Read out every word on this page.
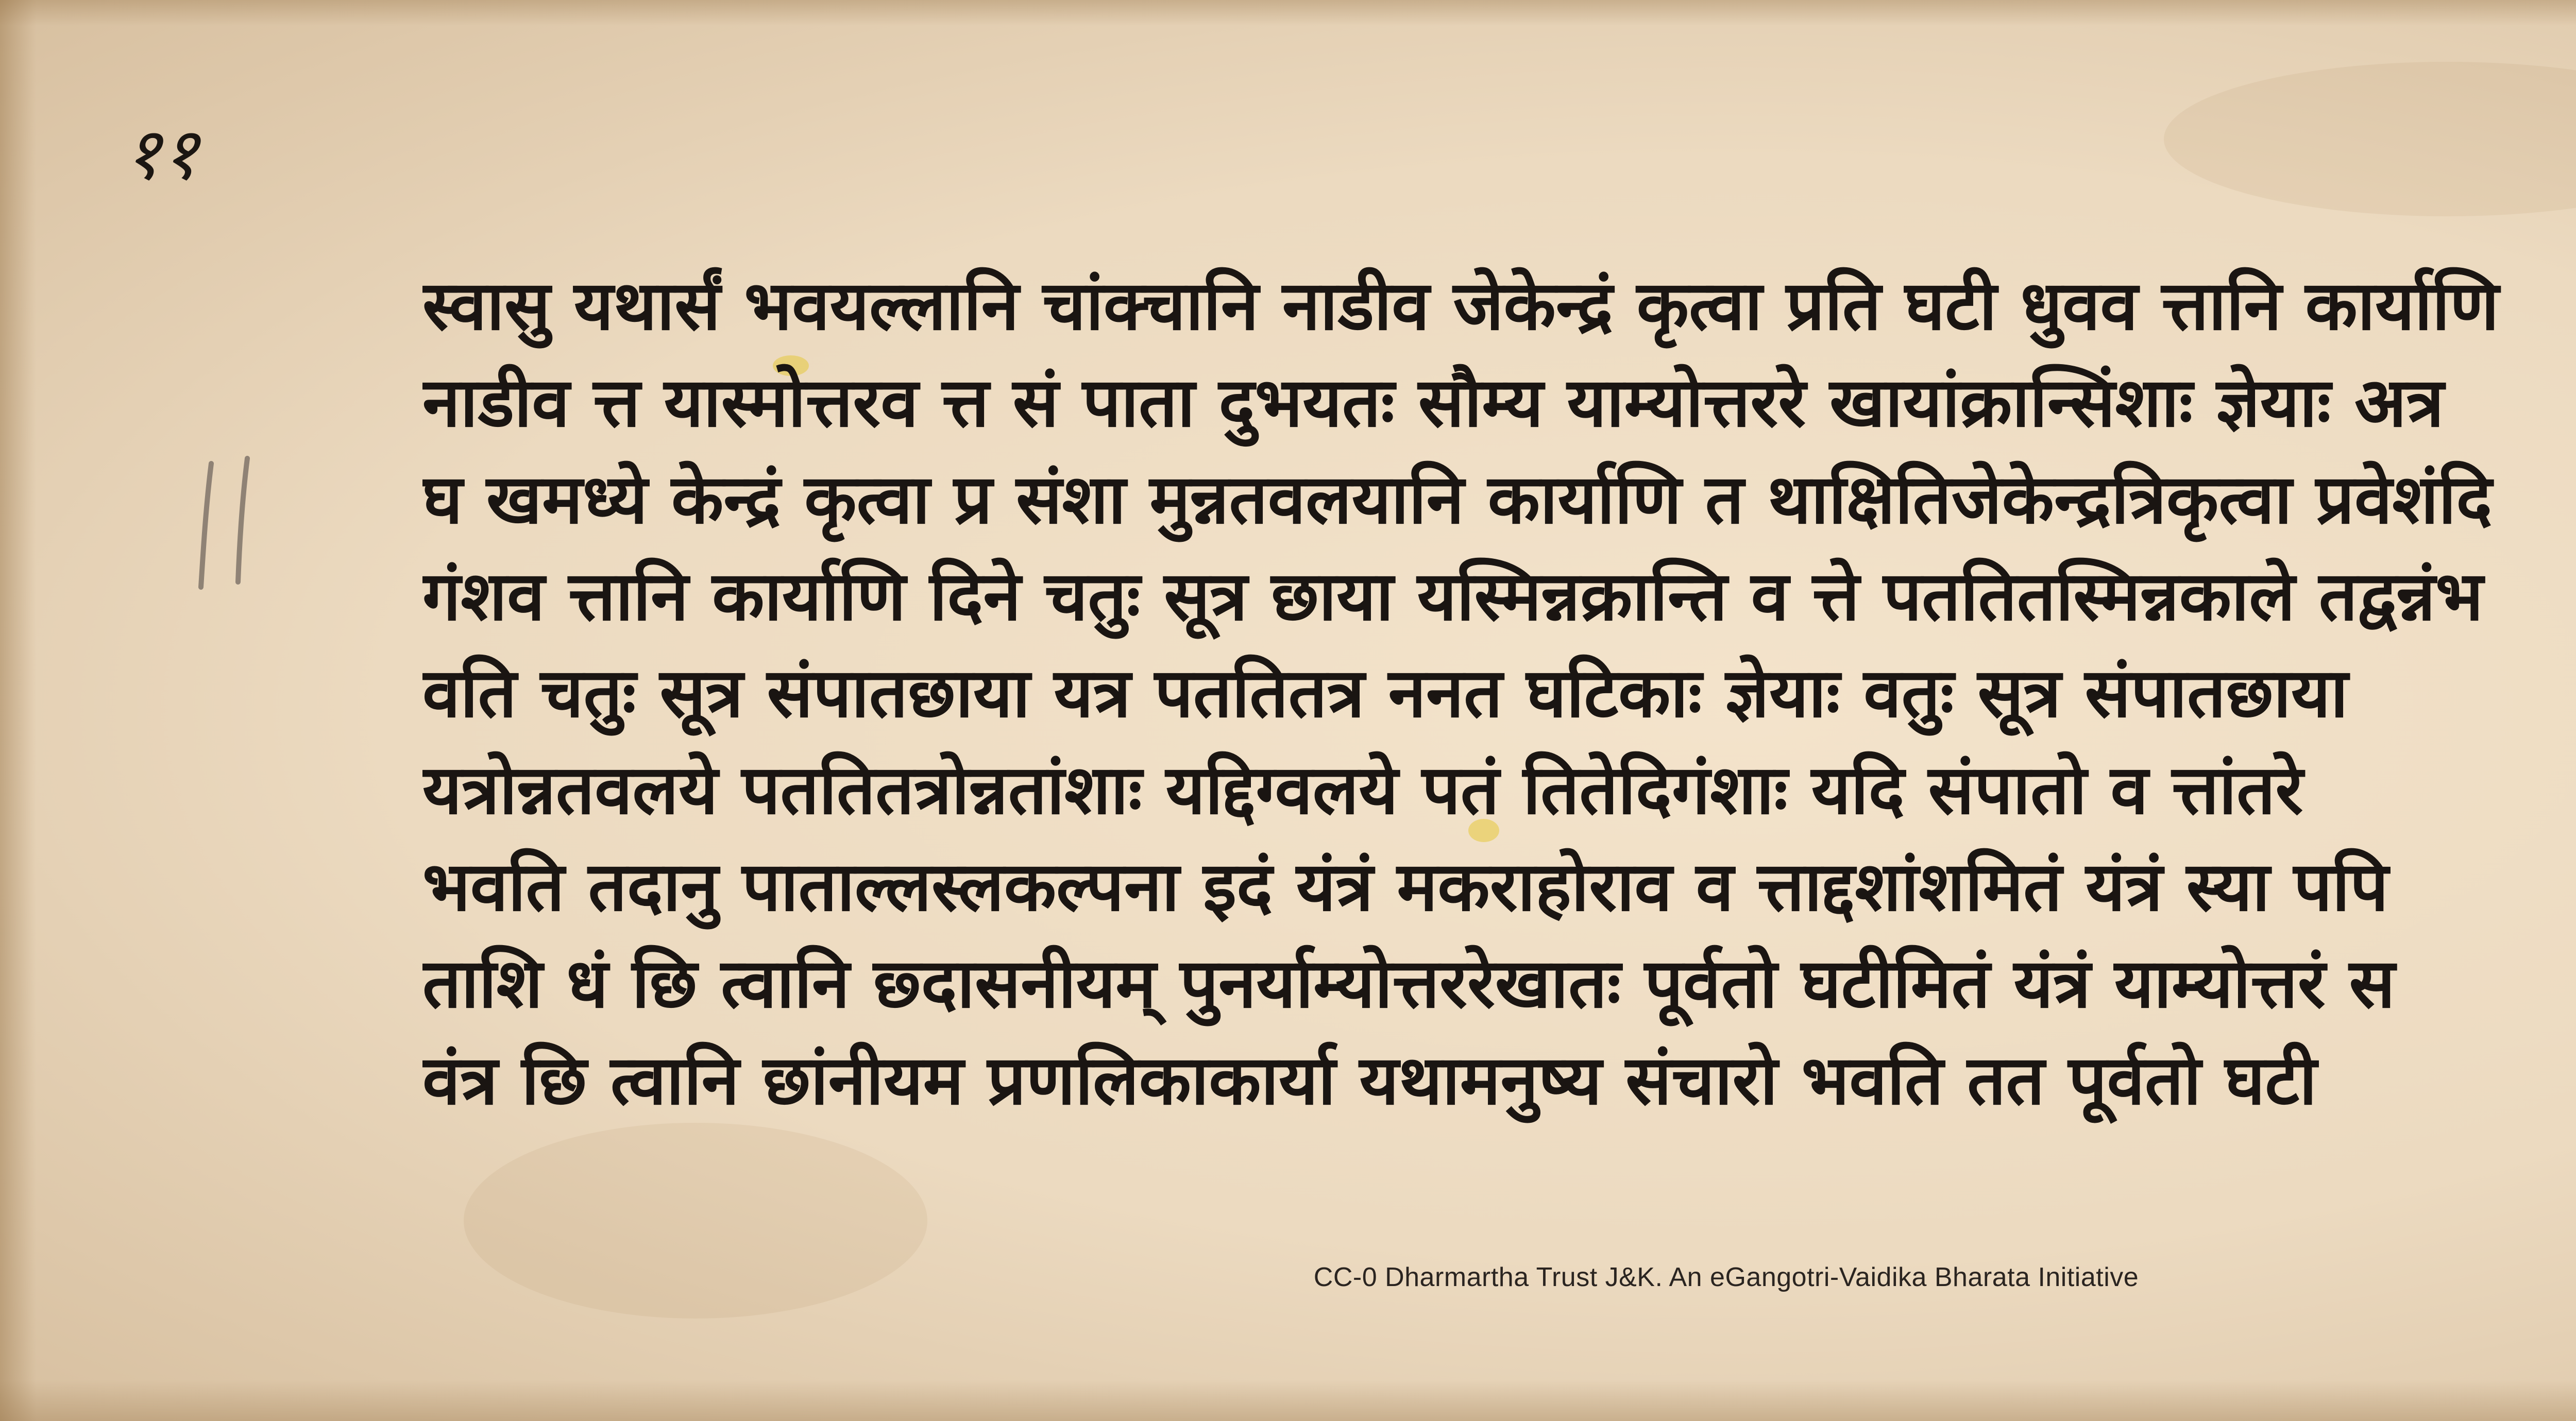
११
स्वासु यथार्सं भवयल्लानि चांक्चानि नाडीव जेकेन्द्रं कृत्वा प्रति घटी धुवव त्तानि कार्याणि
नाडीव त्त यास्मोत्तरव त्त सं पाता दुभयतः सौम्य याम्योत्तररे खायांक्रान्सिंशाः ज्ञेयाः अत्र
घ खमध्ये केन्द्रं कृत्वा प्र संशा मुन्नतवलयानि कार्याणि त थाक्षितिजेकेन्द्रत्रिकृत्वा प्रवेशंदि
गंशव त्तानि कार्याणि दिने चतुः सूत्र छाया यस्मिन्नक्रान्ति व त्ते पततितस्मिन्नकाले तद्वन्नंभ
वति चतुः सूत्र संपातछाया यत्र पततितत्र ननत घटिकाः ज्ञेयाः वतुः सूत्र संपातछाया
यत्रोन्नतवलये पततितत्रोन्नतांशाः यद्दिग्वलये पतं तितेदिगंशाः यदि संपातो व त्तांतरे
भवति तदानु पाताल्लस्लकल्पना इदं यंत्रं मकराहोराव व त्ताद्दशांशमितं यंत्रं स्या पपि
ताशि धं छि त्वानि छ्दासनीयम् पुनर्याम्योत्तररेखातः पूर्वतो घटीमितं यंत्रं याम्योत्तरं स
वंत्र छि त्वानि छांनीयम प्रणलिकाकार्या यथामनुष्य संचारो भवति तत पूर्वतो घटी
CC-0 Dharmartha Trust J&K. An eGangotri-Vaidika Bharata Initiative
